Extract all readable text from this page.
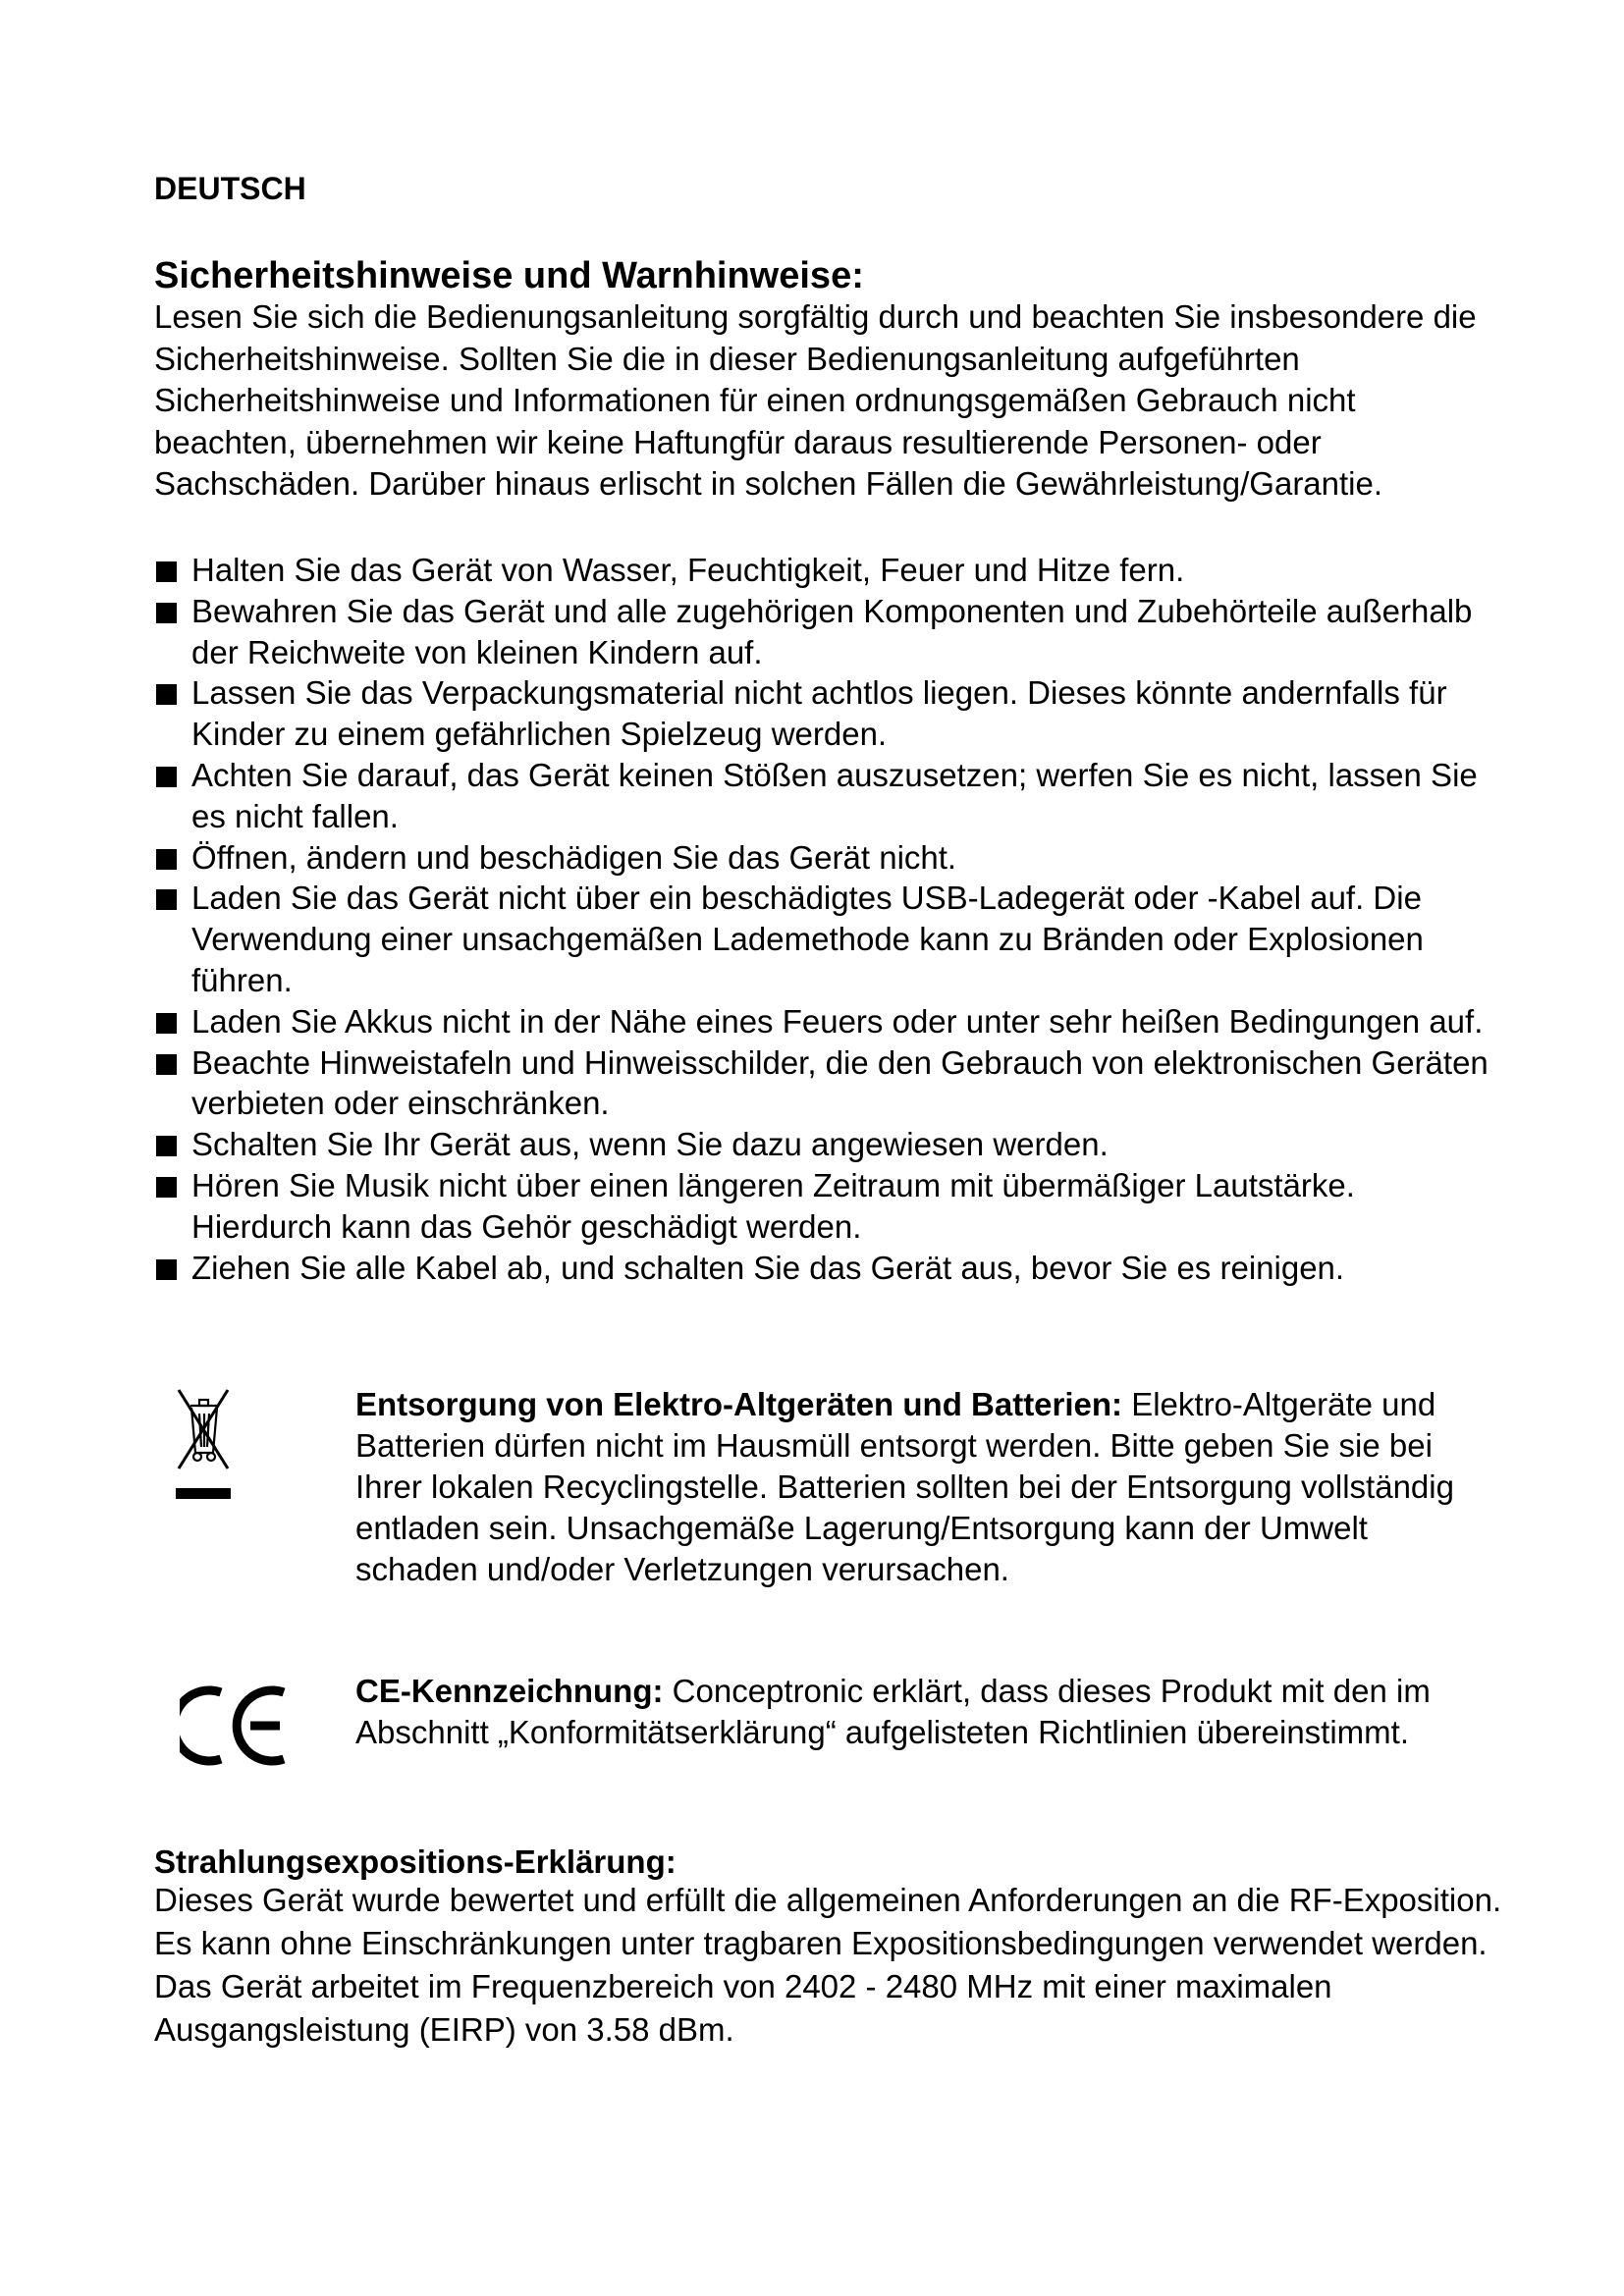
DEUTSCH
Sicherheitshinweise und Warnhinweise:

Lesen Sie sich die Bedienungsanleitung sorgfältig durch und beachten Sie insbesondere die Sicherheitshinweise. Sollten Sie die in dieser Bedienungsanleitung aufgeführten Sicherheitshinweise und Informationen für einen ordnungsgemäßen Gebrauch nicht beachten, übernehmen wir keine Haftungfür daraus resultierende Personen- oder Sachschäden. Darüber hinaus erlischt in solchen Fällen die Gewährleistung/Garantie.

Halten Sie das Gerät von Wasser, Feuchtigkeit, Feuer und Hitze fern.
Bewahren Sie das Gerät und alle zugehörigen Komponenten und Zubehörteile außerhalb der Reichweite von kleinen Kindern auf.
Lassen Sie das Verpackungsmaterial nicht achtlos liegen. Dieses könnte andernfalls für Kinder zu einem gefährlichen Spielzeug werden.
Achten Sie darauf, das Gerät keinen Stößen auszusetzen; werfen Sie es nicht, lassen Sie es nicht fallen.
Öffnen, ändern und beschädigen Sie das Gerät nicht.
Laden Sie das Gerät nicht über ein beschädigtes USB-Ladegerät oder -Kabel auf. Die Verwendung einer unsachgemäßen Lademethode kann zu Bränden oder Explosionen führen.
Laden Sie Akkus nicht in der Nähe eines Feuers oder unter sehr heißen Bedingungen auf.
Beachte Hinweistafeln und Hinweisschilder, die den Gebrauch von elektronischen Geräten verbieten oder einschränken.
Schalten Sie Ihr Gerät aus, wenn Sie dazu angewiesen werden.
Hören Sie Musik nicht über einen längeren Zeitraum mit übermäßiger Lautstärke. Hierdurch kann das Gehör geschädigt werden.
Ziehen Sie alle Kabel ab, und schalten Sie das Gerät aus, bevor Sie es reinigen.

Entsorgung von Elektro-Altgeräten und Batterien: Elektro-Altgeräte und Batterien dürfen nicht im Hausmüll entsorgt werden. Bitte geben Sie sie bei Ihrer lokalen Recyclingstelle. Batterien sollten bei der Entsorgung vollständig entladen sein. Unsachgemäße Lagerung/Entsorgung kann der Umwelt schaden und/oder Verletzungen verursachen.

CE-Kennzeichnung: Conceptronic erklärt, dass dieses Produkt mit den im Abschnitt „Konformitätserklärung“ aufgelisteten Richtlinien übereinstimmt.

Strahlungsexpositions-Erklärung:

Dieses Gerät wurde bewertet und erfüllt die allgemeinen Anforderungen an die RF-Exposition. Es kann ohne Einschränkungen unter tragbaren Expositionsbedingungen verwendet werden. Das Gerät arbeitet im Frequenzbereich von 2402 - 2480 MHz mit einer maximalen Ausgangsleistung (EIRP) von 3.58 dBm.
